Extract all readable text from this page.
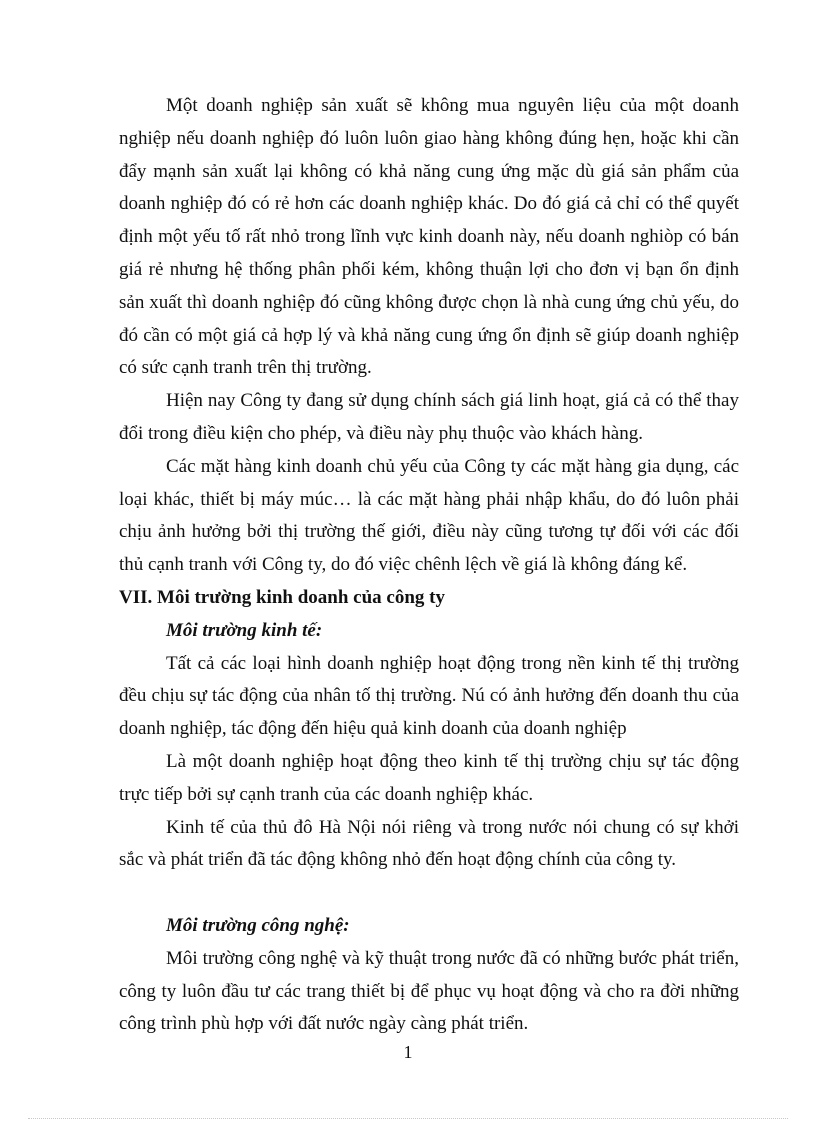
Một doanh nghiệp sản xuất sẽ không mua nguyên liệu của một doanh nghiệp nếu doanh nghiệp đó luôn luôn giao hàng không đúng hẹn, hoặc khi cần đẩy mạnh sản xuất lại không có khả năng cung ứng mặc dù giá sản phẩm của doanh nghiệp đó có rẻ hơn các doanh nghiệp khác. Do đó giá cả chỉ có thể quyết định một yếu tố rất nhỏ trong lĩnh vực kinh doanh này, nếu doanh nghiòp có bán giá rẻ nhưng hệ thống phân phối kém, không thuận lợi cho đơn vị bạn ổn định sản xuất thì doanh nghiệp đó cũng không được chọn là nhà cung ứng chủ yếu, do đó cần có một giá cả hợp lý và khả năng cung ứng ổn định sẽ giúp doanh nghiệp có sức cạnh tranh trên thị trường.

Hiện nay Công ty đang sử dụng chính sách giá linh hoạt, giá cả có thể thay đổi trong điều kiện cho phép, và điều này phụ thuộc vào khách hàng.

Các mặt hàng kinh doanh chủ yếu của Công ty các mặt hàng gia dụng, các loại khác, thiết bị máy múc… là các mặt hàng phải nhập khẩu, do đó luôn phải chịu ảnh hưởng bởi thị trường thế giới, điều này cũng tương tự đối với các đối thủ cạnh tranh với Công ty, do đó việc chênh lệch về giá là không đáng kể.

VII. Môi trường kinh doanh của công ty

Môi trường kinh tế:

Tất cả các loại hình doanh nghiệp hoạt động trong nền kinh tế thị trường đều chịu sự tác động của nhân tố thị trường. Nú có ảnh hưởng đến doanh thu của doanh nghiệp, tác động đến hiệu quả kinh doanh của doanh nghiệp

Là một doanh nghiệp hoạt động theo kinh tế thị trường chịu sự tác động trực tiếp bởi sự cạnh tranh của các doanh nghiệp khác.

Kinh tế của thủ đô Hà Nội nói riêng và trong nước nói chung có sự khởi sắc và phát triển đã tác động không nhỏ đến hoạt động chính của công ty.

Môi trường công nghệ:

Môi trường công nghệ và kỹ thuật trong nước đã có những bước phát triển, công ty luôn đầu tư các trang thiết bị để phục vụ hoạt động và cho ra đời những công trình phù hợp với đất nước ngày càng phát triển.

1
